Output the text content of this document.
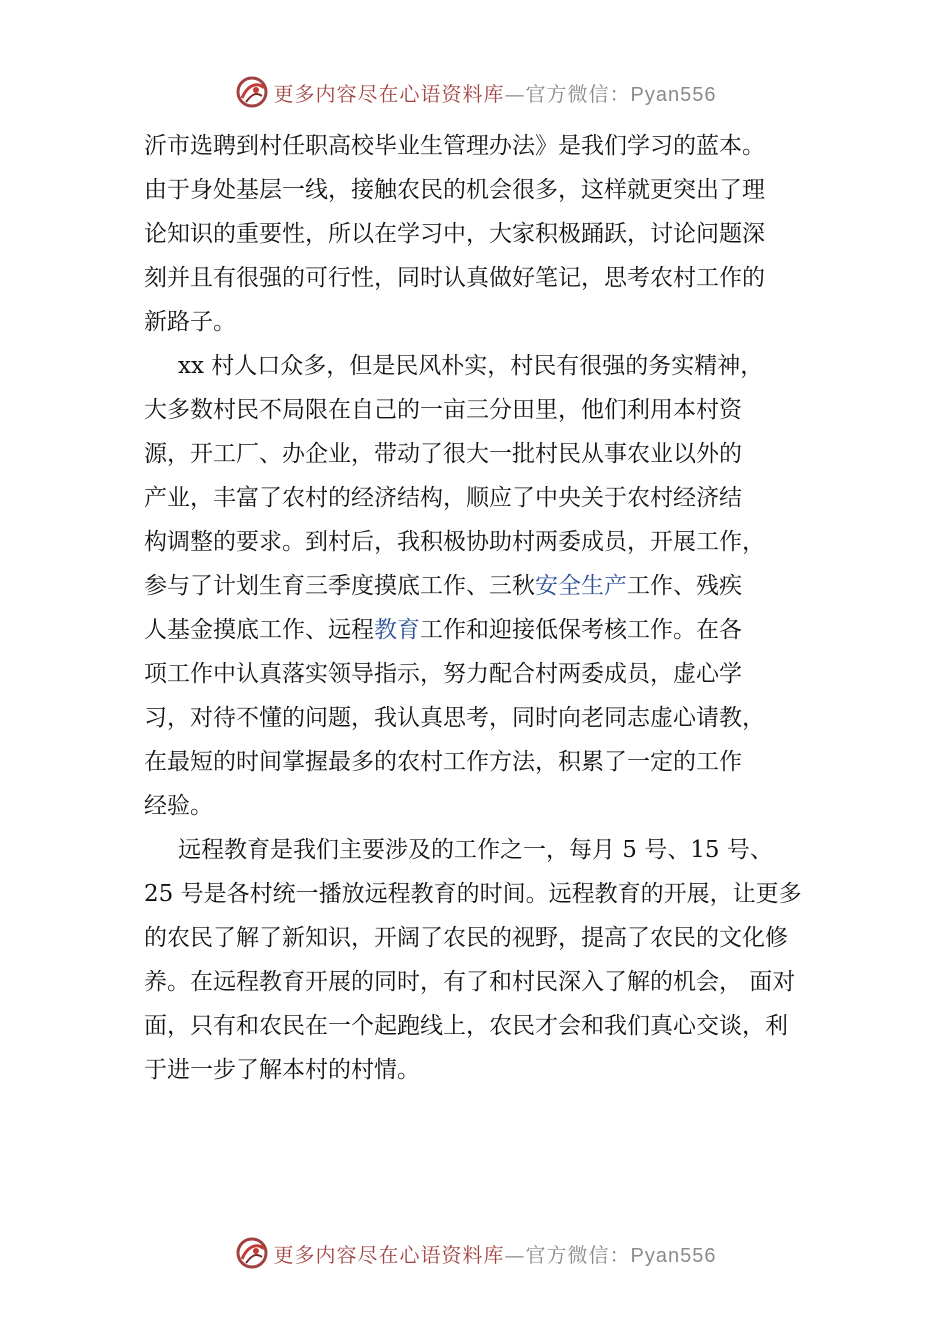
更多内容尽在心语资料库—官方微信：Pyan556

沂市选聘到村任职高校毕业生管理办法》是我们学习的蓝本。
由于身处基层一线，接触农民的机会很多，这样就更突出了理
论知识的重要性，所以在学习中，大家积极踊跃，讨论问题深
刻并且有很强的可行性，同时认真做好笔记，思考农村工作的
新路子。

xx 村人口众多，但是民风朴实，村民有很强的务实精神，
大多数村民不局限在自己的一亩三分田里，他们利用本村资
源，开工厂、办企业，带动了很大一批村民从事农业以外的
产业，丰富了农村的经济结构，顺应了中央关于农村经济结
构调整的要求。到村后，我积极协助村两委成员，开展工作，
参与了计划生育三季度摸底工作、三秋安全生产工作、残疾
人基金摸底工作、远程教育工作和迎接低保考核工作。在各
项工作中认真落实领导指示，努力配合村两委成员，虚心学
习，对待不懂的问题，我认真思考，同时向老同志虚心请教，
在最短的时间掌握最多的农村工作方法，积累了一定的工作
经验。

远程教育是我们主要涉及的工作之一，每月 5 号、15 号、
25 号是各村统一播放远程教育的时间。远程教育的开展，让更多
的农民了解了新知识，开阔了农民的视野，提高了农民的文化修
养。在远程教育开展的同时，有了和村民深入了解的机会， 面对
面，只有和农民在一个起跑线上，农民才会和我们真心交谈，利
于进一步了解本村的村情。

更多内容尽在心语资料库—官方微信：Pyan556
